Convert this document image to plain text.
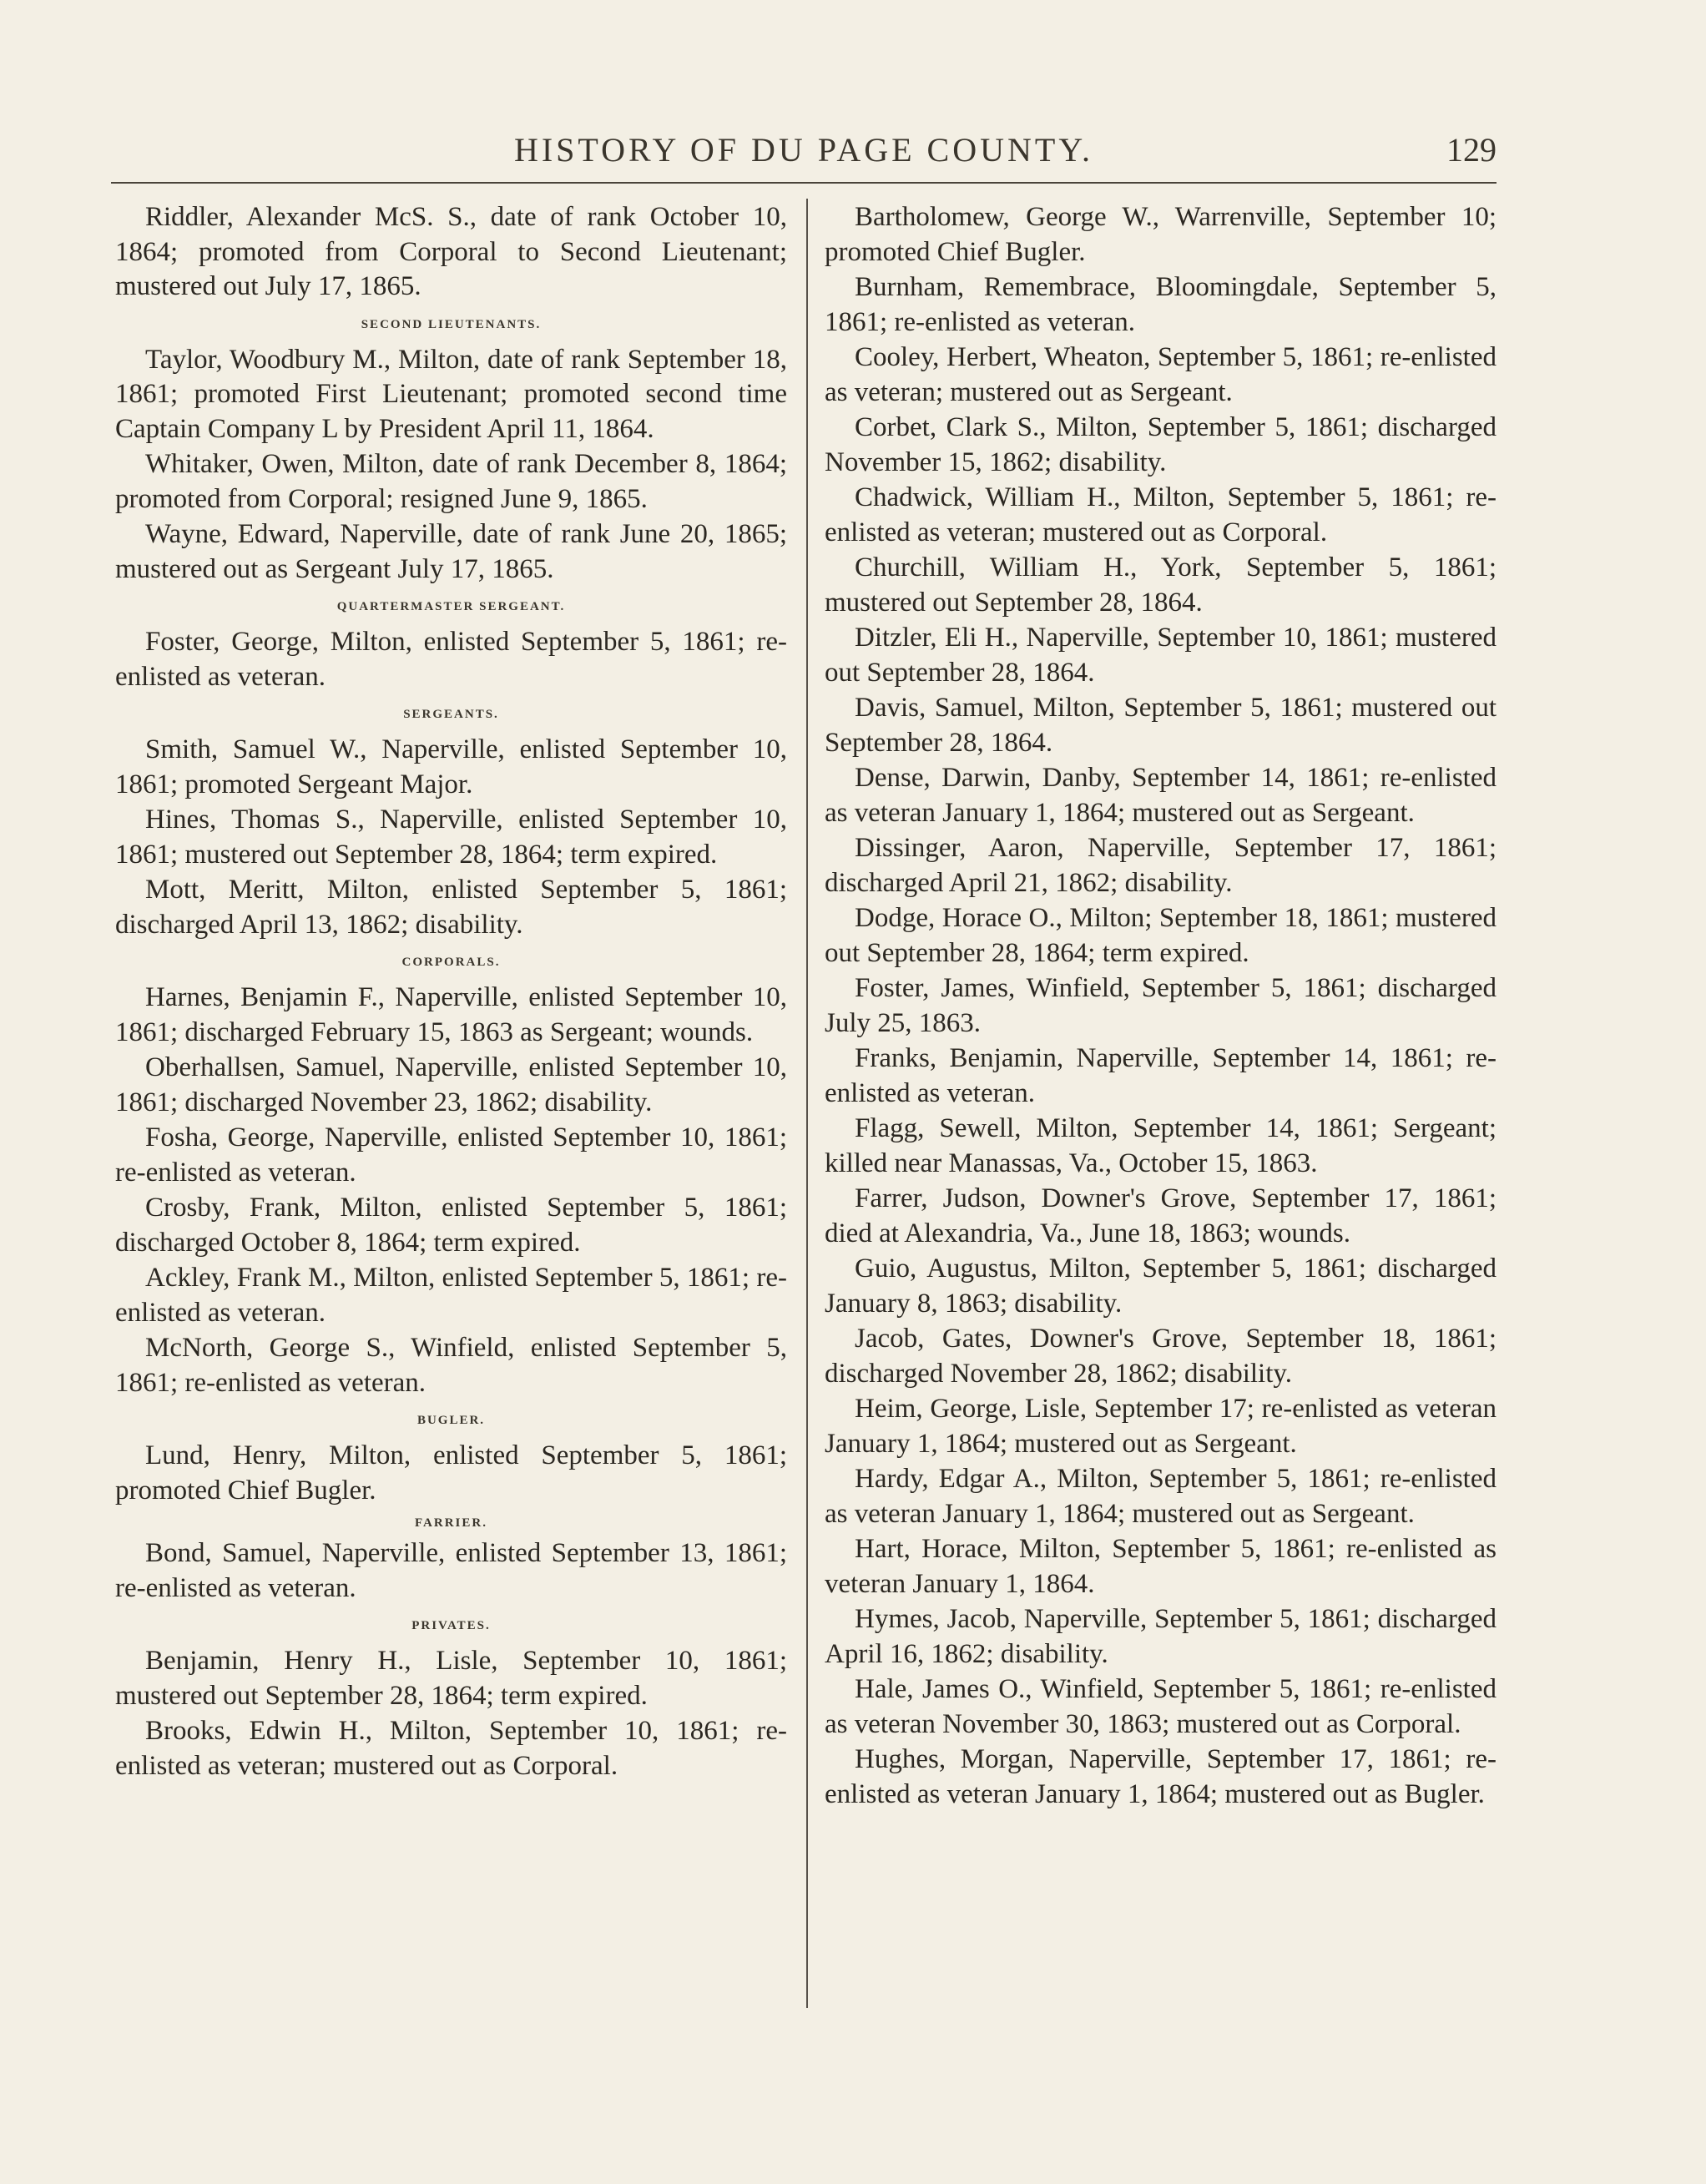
HISTORY OF DU PAGE COUNTY.	129

Riddler, Alexander McS. S., date of rank October 10, 1864; promoted from Corporal to Second Lieutenant; mustered out July 17, 1865.

SECOND LIEUTENANTS.

Taylor, Woodbury M., Milton, date of rank September 18, 1861; promoted First Lieutenant; promoted second time Captain Company L by President April 11, 1864.

Whitaker, Owen, Milton, date of rank December 8, 1864; promoted from Corporal; resigned June 9, 1865.

Wayne, Edward, Naperville, date of rank June 20, 1865; mustered out as Sergeant July 17, 1865.

QUARTERMASTER SERGEANT.

Foster, George, Milton, enlisted September 5, 1861; re-enlisted as veteran.

SERGEANTS.

Smith, Samuel W., Naperville, enlisted September 10, 1861; promoted Sergeant Major.

Hines, Thomas S., Naperville, enlisted September 10, 1861; mustered out September 28, 1864; term expired.

Mott, Meritt, Milton, enlisted September 5, 1861; discharged April 13, 1862; disability.

CORPORALS.

Harnes, Benjamin F., Naperville, enlisted September 10, 1861; discharged February 15, 1863 as Sergeant; wounds.

Oberhallsen, Samuel, Naperville, enlisted September 10, 1861; discharged November 23, 1862; disability.

Fosha, George, Naperville, enlisted September 10, 1861; re-enlisted as veteran.

Crosby, Frank, Milton, enlisted September 5, 1861; discharged October 8, 1864; term expired.

Ackley, Frank M., Milton, enlisted September 5, 1861; re-enlisted as veteran.

McNorth, George S., Winfield, enlisted September 5, 1861; re-enlisted as veteran.

BUGLER.

Lund, Henry, Milton, enlisted September 5, 1861; promoted Chief Bugler.

FARRIER.

Bond, Samuel, Naperville, enlisted September 13, 1861; re-enlisted as veteran.

PRIVATES.

Benjamin, Henry H., Lisle, September 10, 1861; mustered out September 28, 1864; term expired.

Brooks, Edwin H., Milton, September 10, 1861; re-enlisted as veteran; mustered out as Corporal.

Bartholomew, George W., Warrenville, September 10; promoted Chief Bugler.

Burnham, Remembrace, Bloomingdale, September 5, 1861; re-enlisted as veteran.

Cooley, Herbert, Wheaton, September 5, 1861; re-enlisted as veteran; mustered out as Sergeant.

Corbet, Clark S., Milton, September 5, 1861; discharged November 15, 1862; disability.

Chadwick, William H., Milton, September 5, 1861; re-enlisted as veteran; mustered out as Corporal.

Churchill, William H., York, September 5, 1861; mustered out September 28, 1864.

Ditzler, Eli H., Naperville, September 10, 1861; mustered out September 28, 1864.

Davis, Samuel, Milton, September 5, 1861; mustered out September 28, 1864.

Dense, Darwin, Danby, September 14, 1861; re-enlisted as veteran January 1, 1864; mustered out as Sergeant.

Dissinger, Aaron, Naperville, September 17, 1861; discharged April 21, 1862; disability.

Dodge, Horace O., Milton; September 18, 1861; mustered out September 28, 1864; term expired.

Foster, James, Winfield, September 5, 1861; discharged July 25, 1863.

Franks, Benjamin, Naperville, September 14, 1861; re-enlisted as veteran.

Flagg, Sewell, Milton, September 14, 1861; Sergeant; killed near Manassas, Va., October 15, 1863.

Farrer, Judson, Downer's Grove, September 17, 1861; died at Alexandria, Va., June 18, 1863; wounds.

Guio, Augustus, Milton, September 5, 1861; discharged January 8, 1863; disability.

Jacob, Gates, Downer's Grove, September 18, 1861; discharged November 28, 1862; disability.

Heim, George, Lisle, September 17; re-enlisted as veteran January 1, 1864; mustered out as Sergeant.

Hardy, Edgar A., Milton, September 5, 1861; re-enlisted as veteran January 1, 1864; mustered out as Sergeant.

Hart, Horace, Milton, September 5, 1861; re-enlisted as veteran January 1, 1864.

Hymes, Jacob, Naperville, September 5, 1861; discharged April 16, 1862; disability.

Hale, James O., Winfield, September 5, 1861; re-enlisted as veteran November 30, 1863; mustered out as Corporal.

Hughes, Morgan, Naperville, September 17, 1861; re-enlisted as veteran January 1, 1864; mustered out as Bugler.
